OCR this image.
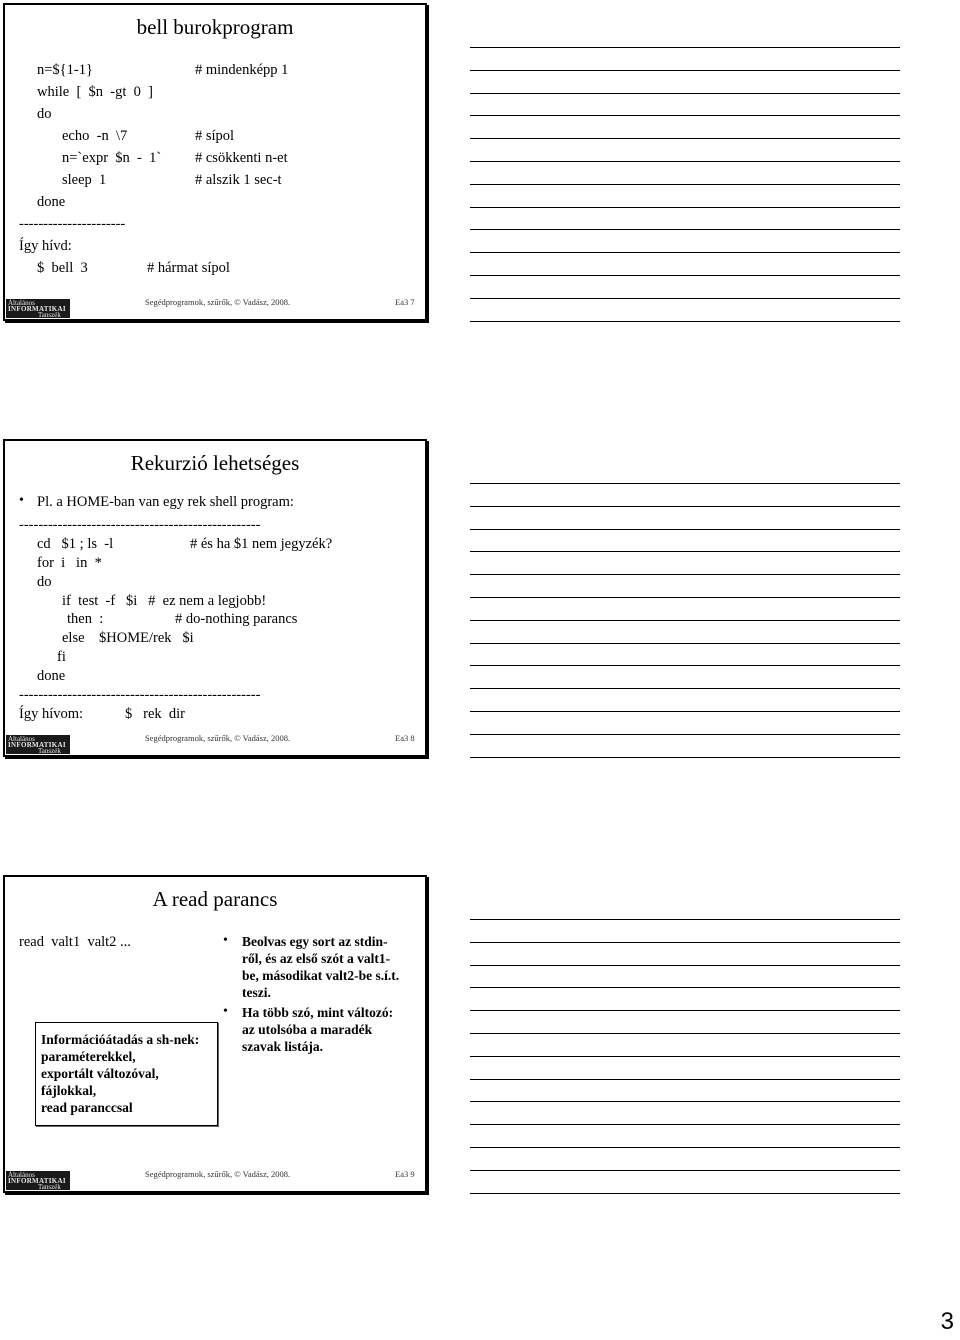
bell burokprogram
Általános
INFORMATIKAI
Tanszék
Segédprogramok, szűrők, © Vadász, 2008.	Ea3 7
n=${1-1}	# mindenképp 1
while  [  $n  -gt  0  ]
do
echo  -n  \7	# sípol
n=`expr  $n  -  1` # csökkenti n-et
sleep  1	# alszik 1 sec-t
done
----------------------
Így hívd:
$  bell  3	# hármat sípol
Rekurzió lehetséges
• Pl. a HOME-ban van egy rek shell program:
Általános
INFORMATIKAI
Tanszék
Segédprogramok, szűrők, © Vadász, 2008.	Ea3 8
--------------------------------------------------
cd   $1 ; ls  -l	# és ha $1 nem jegyzék?
for  i   in  *
do
if  test  -f   $i   #  ez nem a legjobb!
then  :	# do-nothing parancs
else    $HOME/rek   $i
fi
done
--------------------------------------------------
Így hívom:	$   rek  dir
A read parancs
read  valt1  valt2 ...
Információátadás a sh-nek:
paraméterekkel,
exportált változóval,
fájlokkal,
read paranccsal
Általános
INFORMATIKAI
Tanszék
Segédprogramok, szűrők, © Vadász, 2008.	Ea3 9
• Beolvas egy sort az stdin-
ről, és az első szót a valt1-
be, másodikat valt2-be s.í.t.
teszi.
• Ha több szó, mint változó:
az utolsóba a maradék
szavak listája.
3
